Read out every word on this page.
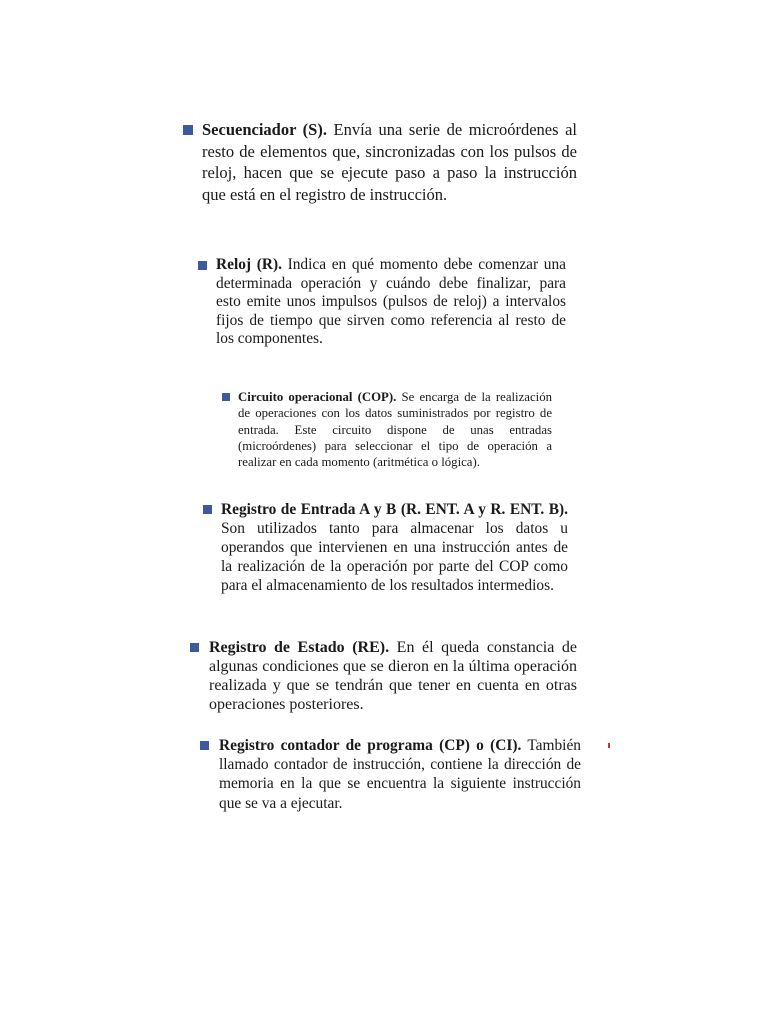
Secuenciador (S). Envía una serie de microórdenes al resto de elementos que, sincronizadas con los pulsos de reloj, hacen que se ejecute paso a paso la instrucción que está en el registro de instrucción.

Reloj (R). Indica en qué momento debe comenzar una determinada operación y cuándo debe finalizar, para esto emite unos impulsos (pulsos de reloj) a intervalos fijos de tiempo que sirven como referencia al resto de los componentes.

Circuito operacional (COP). Se encarga de la realización de operaciones con los datos suministrados por registro de entrada. Este circuito dispone de unas entradas (microórdenes) para seleccionar el tipo de operación a realizar en cada momento (aritmética o lógica).

Registro de Entrada A y B (R. ENT. A y R. ENT. B). Son utilizados tanto para almacenar los datos u operandos que intervienen en una instrucción antes de la realización de la operación por parte del COP como para el almacenamiento de los resultados intermedios.

Registro de Estado (RE). En él queda constancia de algunas condiciones que se dieron en la última operación realizada y que se tendrán que tener en cuenta en otras operaciones posteriores.

Registro contador de programa (CP) o (CI). También llamado contador de instrucción, contiene la dirección de memoria en la que se encuentra la siguiente instrucción que se va a ejecutar.
